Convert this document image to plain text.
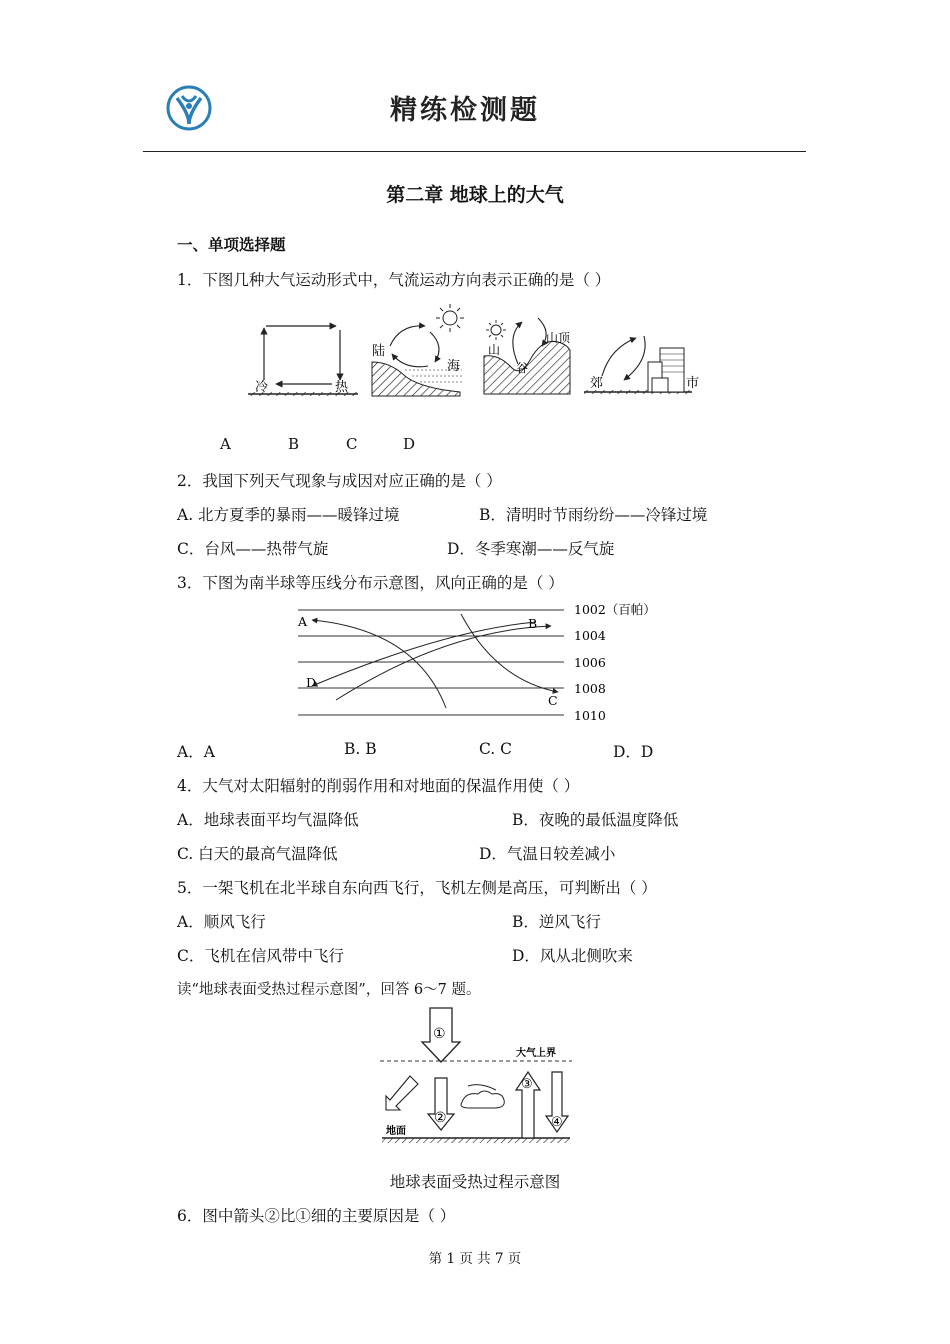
精练检测题
第二章 地球上的大气
一、单项选择题
1．下图几种大气运动形式中，气流运动方向表示正确的是（ ）
冷	热
陆
海
山
谷
山顶
郊	市
A	B	C	D
2．我国下列天气现象与成因对应正确的是（ ）
A. 北方夏季的暴雨——暖锋过境	B．清明时节雨纷纷——冷锋过境
C．台风——热带气旋	D．冬季寒潮——反气旋
3．下图为南半球等压线分布示意图，风向正确的是（ ）
1002（百帕）
1004
1006
1008
1010
A	B
C
D
A．A	B. B	C. C	D．D
4．大气对太阳辐射的削弱作用和对地面的保温作用使（ ）
A．地球表面平均气温降低	B．夜晚的最低温度降低
C. 白天的最高气温降低	D．气温日较差减小
5．一架飞机在北半球自东向西飞行，飞机左侧是高压，可判断出（ ）
A．顺风飞行	B．逆风飞行
C．飞机在信风带中飞行	D．风从北侧吹来
读“地球表面受热过程示意图”，回答 6～7 题。
大气上界
地面
①
②
③
④
地球表面受热过程示意图
6．图中箭头②比①细的主要原因是（ ）
第 1 页 共 7 页
